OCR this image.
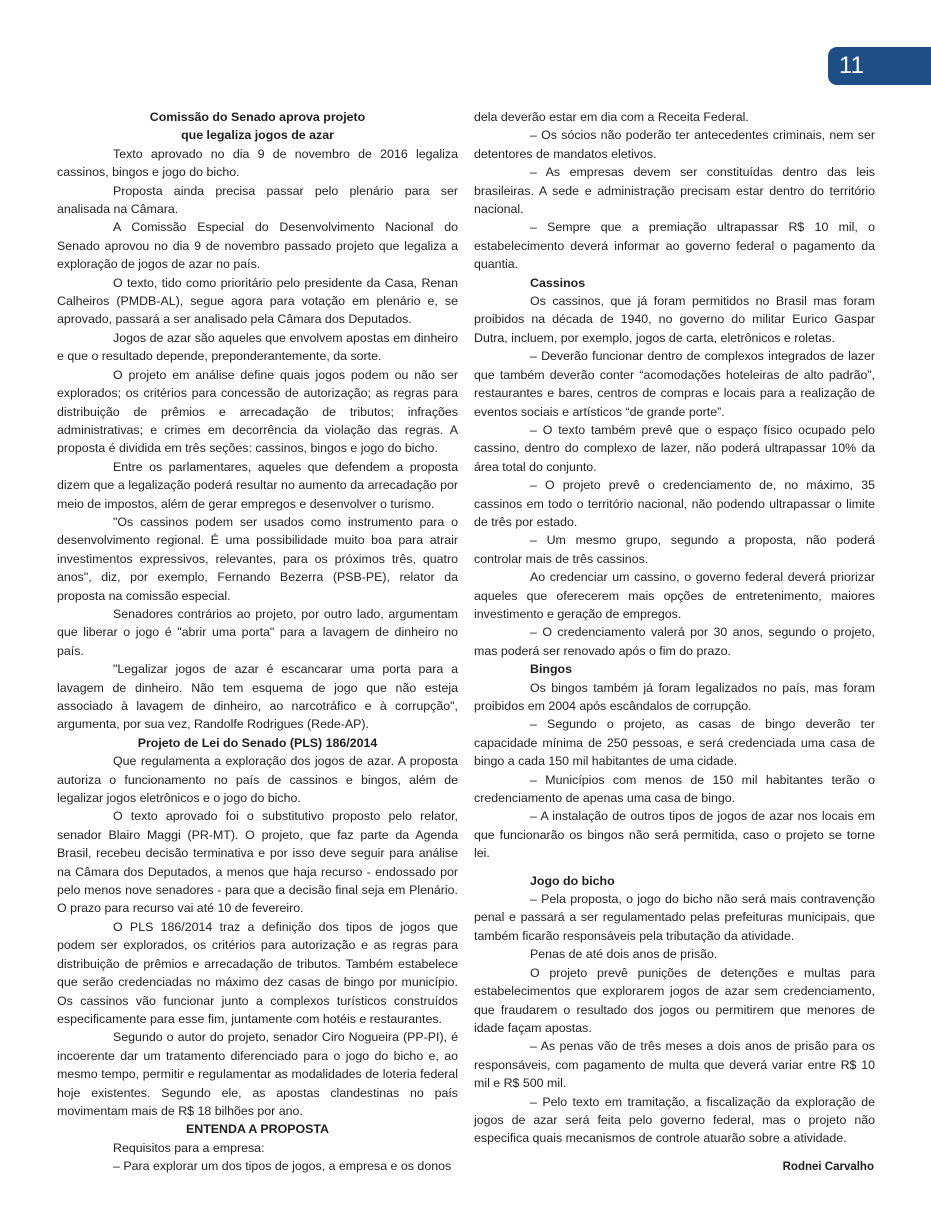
11

Comissão do Senado aprova projeto

que legaliza jogos de azar

Texto aprovado no dia 9 de novembro de 2016 legaliza cassinos, bingos e jogo do bicho.

Proposta ainda precisa passar pelo plenário para ser analisada na Câmara.

A Comissão Especial do Desenvolvimento Nacional do Senado aprovou no dia 9 de novembro passado projeto que legaliza a exploração de jogos de azar no país.

O texto, tido como prioritário pelo presidente da Casa, Renan Calheiros (PMDB-AL), segue agora para votação em plenário e, se aprovado, passará a ser analisado pela Câmara dos Deputados.

Jogos de azar são aqueles que envolvem apostas em dinheiro e que o resultado depende, preponderantemente, da sorte.

O projeto em análise define quais jogos podem ou não ser explorados; os critérios para concessão de autorização; as regras para distribuição de prêmios e arrecadação de tributos; infrações administrativas; e crimes em decorrência da violação das regras. A proposta é dividida em três seções: cassinos, bingos e jogo do bicho.

Entre os parlamentares, aqueles que defendem a proposta dizem que a legalização poderá resultar no aumento da arrecadação por meio de impostos, além de gerar empregos e desenvolver o turismo.

"Os cassinos podem ser usados como instrumento para o desenvolvimento regional. É uma possibilidade muito boa para atrair investimentos expressivos, relevantes, para os próximos três, quatro anos", diz, por exemplo, Fernando Bezerra (PSB-PE), relator da proposta na comissão especial.

Senadores contrários ao projeto, por outro lado, argumentam que liberar o jogo é "abrir uma porta" para a lavagem de dinheiro no país.

"Legalizar jogos de azar é escancarar uma porta para a lavagem de dinheiro. Não tem esquema de jogo que não esteja associado à lavagem de dinheiro, ao narcotráfico e à corrupção", argumenta, por sua vez, Randolfe Rodrigues (Rede-AP).

Projeto de Lei do Senado (PLS) 186/2014

Que regulamenta a exploração dos jogos de azar. A proposta autoriza o funcionamento no país de cassinos e bingos, além de legalizar jogos eletrônicos e o jogo do bicho.

O texto aprovado foi o substitutivo proposto pelo relator, senador Blairo Maggi (PR-MT). O projeto, que faz parte da Agenda Brasil, recebeu decisão terminativa e por isso deve seguir para análise na Câmara dos Deputados, a menos que haja recurso - endossado por pelo menos nove senadores - para que a decisão final seja em Plenário. O prazo para recurso vai até 10 de fevereiro.

O PLS 186/2014 traz a definição dos tipos de jogos que podem ser explorados, os critérios para autorização e as regras para distribuição de prêmios e arrecadação de tributos. Também estabelece que serão credenciadas no máximo dez casas de bingo por município. Os cassinos vão funcionar junto a complexos turísticos construídos especificamente para esse fim, juntamente com hotéis e restaurantes.

Segundo o autor do projeto, senador Ciro Nogueira (PP-PI), é incoerente dar um tratamento diferenciado para o jogo do bicho e, ao mesmo tempo, permitir e regulamentar as modalidades de loteria federal hoje existentes. Segundo ele, as apostas clandestinas no país movimentam mais de R$ 18 bilhões por ano.

ENTENDA A PROPOSTA

Requisitos para a empresa:

– Para explorar um dos tipos de jogos, a empresa e os donos

dela deverão estar em dia com a Receita Federal.

– Os sócios não poderão ter antecedentes criminais, nem ser detentores de mandatos eletivos.

– As empresas devem ser constituídas dentro das leis brasileiras. A sede e administração precisam estar dentro do território nacional.

– Sempre que a premiação ultrapassar R$ 10 mil, o estabelecimento deverá informar ao governo federal o pagamento da quantia.

Cassinos

Os cassinos, que já foram permitidos no Brasil mas foram proibidos na década de 1940, no governo do militar Eurico Gaspar Dutra, incluem, por exemplo, jogos de carta, eletrônicos e roletas.

– Deverão funcionar dentro de complexos integrados de lazer que também deverão conter “acomodações hoteleiras de alto padrão”, restaurantes e bares, centros de compras e locais para a realização de eventos sociais e artísticos “de grande porte”.

– O texto também prevê que o espaço físico ocupado pelo cassino, dentro do complexo de lazer, não poderá ultrapassar 10% da área total do conjunto.

– O projeto prevê o credenciamento de, no máximo, 35 cassinos em todo o território nacional, não podendo ultrapassar o limite de três por estado.

– Um mesmo grupo, segundo a proposta, não poderá controlar mais de três cassinos.

Ao credenciar um cassino, o governo federal deverá priorizar aqueles que oferecerem mais opções de entretenimento, maiores investimento e geração de empregos.

– O credenciamento valerá por 30 anos, segundo o projeto, mas poderá ser renovado após o fim do prazo.

Bingos

Os bingos também já foram legalizados no país, mas foram proibidos em 2004 após escândalos de corrupção.

– Segundo o projeto, as casas de bingo deverão ter capacidade mínima de 250 pessoas, e será credenciada uma casa de bingo a cada 150 mil habitantes de uma cidade.

– Municípios com menos de 150 mil habitantes terão o credenciamento de apenas uma casa de bingo.

– A instalação de outros tipos de jogos de azar nos locais em que funcionarão os bingos não será permitida, caso o projeto se torne lei.

Jogo do bicho

– Pela proposta, o jogo do bicho não será mais contravenção penal e passará a ser regulamentado pelas prefeituras municipais, que também ficarão responsáveis pela tributação da atividade.

Penas de até dois anos de prisão.

O projeto prevê punições de detenções e multas para estabelecimentos que explorarem jogos de azar sem credenciamento, que fraudarem o resultado dos jogos ou permitirem que menores de idade façam apostas.

– As penas vão de três meses a dois anos de prisão para os responsáveis, com pagamento de multa que deverá variar entre R$ 10 mil e R$ 500 mil.

– Pelo texto em tramitação, a fiscalização da exploração de jogos de azar será feita pelo governo federal, mas o projeto não especifica quais mecanismos de controle atuarão sobre a atividade.

Rodnei Carvalho
